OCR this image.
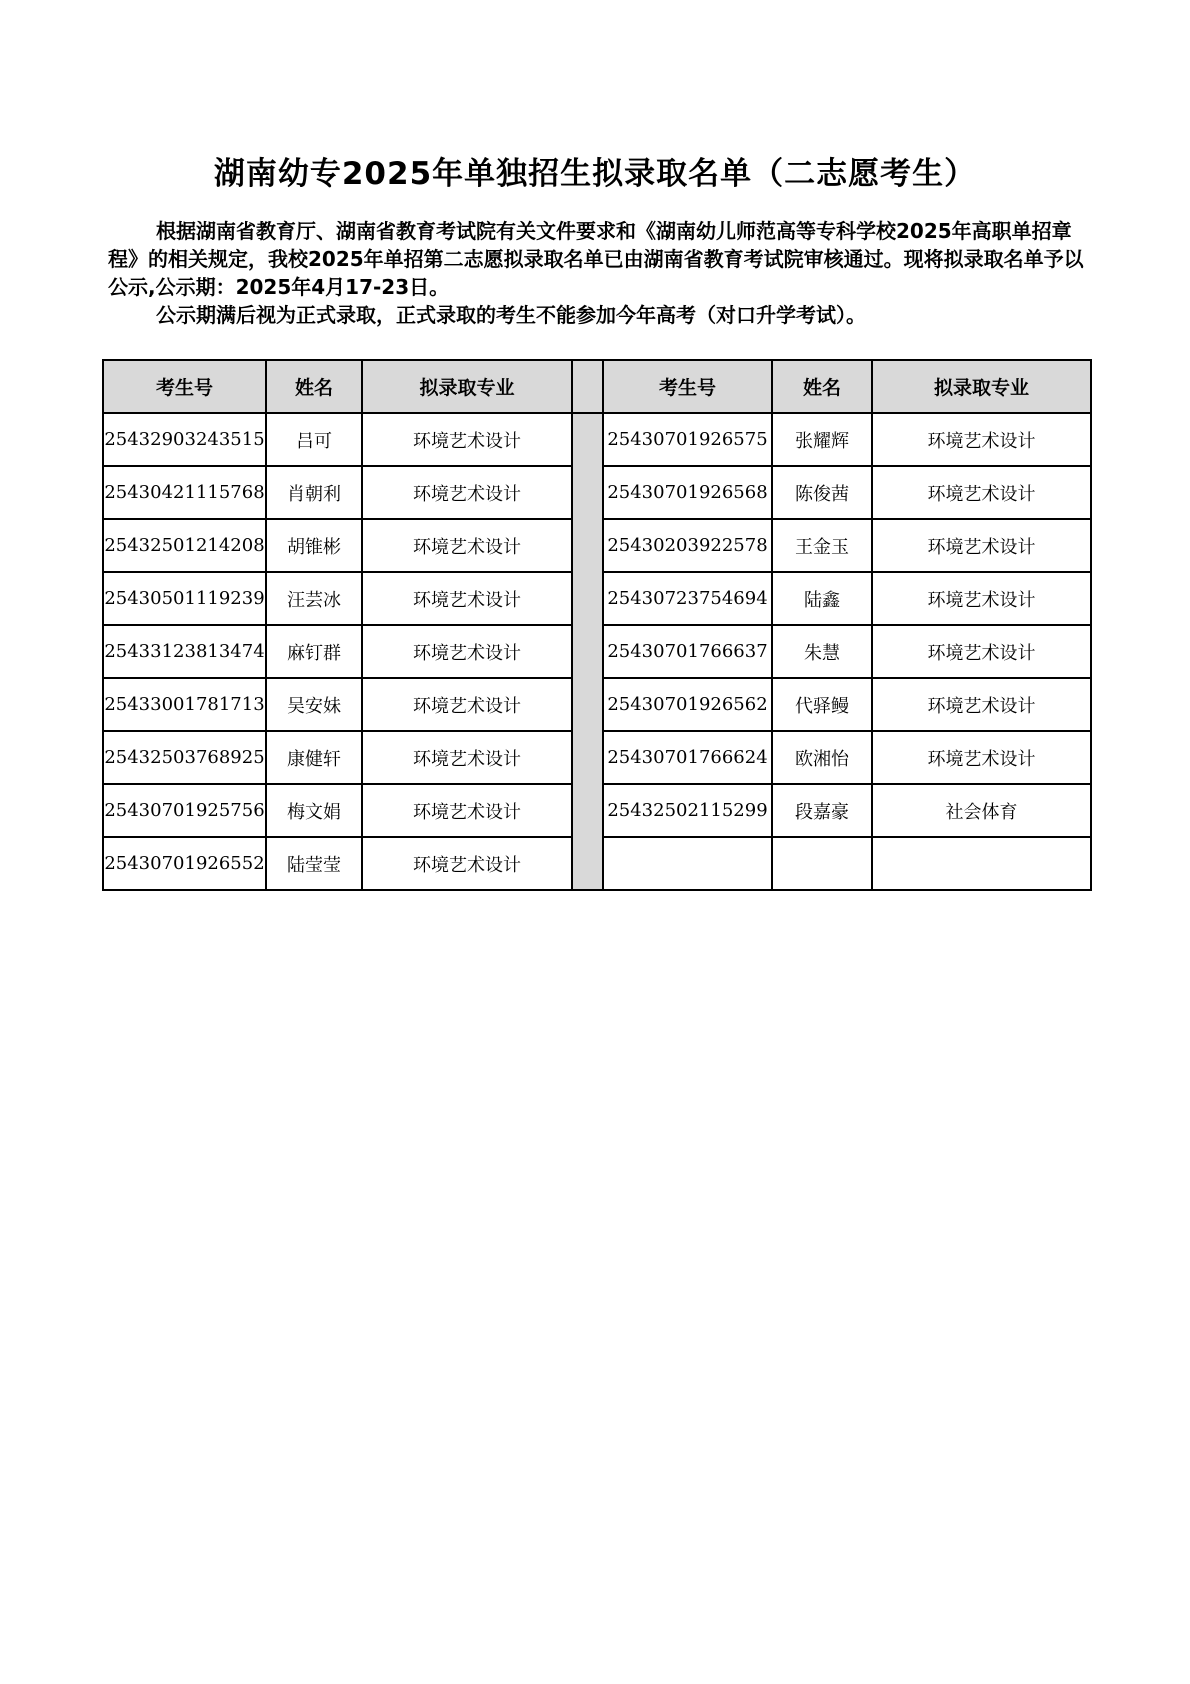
湖南幼专2025年单独招生拟录取名单（二志愿考生）

根据湖南省教育厅、湖南省教育考试院有关文件要求和《湖南幼儿师范高等专科学校2025年高职单招章程》的相关规定，我校2025年单招第二志愿拟录取名单已由湖南省教育考试院审核通过。现将拟录取名单予以公示,公示期：2025年4月17-23日。

公示期满后视为正式录取，正式录取的考生不能参加今年高考（对口升学考试）。

考生号	姓名	拟录取专业		考生号	姓名	拟录取专业
25432903243515	吕可	环境艺术设计		25430701926575	张耀辉	环境艺术设计
25430421115768	肖朝利	环境艺术设计		25430701926568	陈俊茜	环境艺术设计
25432501214208	胡锥彬	环境艺术设计		25430203922578	王金玉	环境艺术设计
25430501119239	汪芸冰	环境艺术设计		25430723754694	陆鑫	环境艺术设计
25433123813474	麻钉群	环境艺术设计		25430701766637	朱慧	环境艺术设计
25433001781713	吴安妹	环境艺术设计		25430701926562	代驿鳗	环境艺术设计
25432503768925	康健轩	环境艺术设计		25430701766624	欧湘怡	环境艺术设计
25430701925756	梅文娟	环境艺术设计		25432502115299	段嘉豪	社会体育
25430701926552	陆莹莹	环境艺术设计				
